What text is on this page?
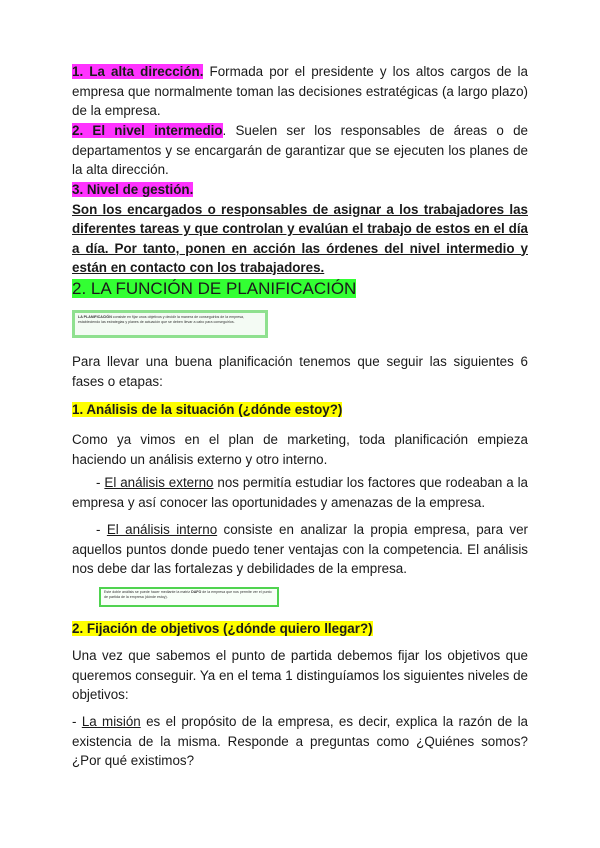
1. La alta dirección. Formada por el presidente y los altos cargos de la empresa que normalmente toman las decisiones estratégicas (a largo plazo) de la empresa.

2. El nivel intermedio. Suelen ser los responsables de áreas o de departamentos y se encargarán de garantizar que se ejecuten los planes de la alta dirección.

3. Nivel de gestión.
Son los encargados o responsables de asignar a los trabajadores las diferentes tareas y que controlan y evalúan el trabajo de estos en el día a día. Por tanto, ponen en acción las órdenes del nivel intermedio y están en contacto con los trabajadores.

2. LA FUNCIÓN DE PLANIFICACIÓN
LA PLANIFICACIÓN consiste en fijar unos objetivos y decidir la manera de conseguirlos de la empresa, estableciendo las estrategias y planes de actuación que se deben llevar a cabo para conseguirlos.

Para llevar una buena planificación tenemos que seguir las siguientes 6 fases o etapas:

1. Análisis de la situación (¿dónde estoy?)

Como ya vimos en el plan de marketing, toda planificación empieza haciendo un análisis externo y otro interno.

- El análisis externo nos permitía estudiar los factores que rodeaban a la empresa y así conocer las oportunidades y amenazas de la empresa.

- El análisis interno consiste en analizar la propia empresa, para ver aquellos puntos donde puedo tener ventajas con la competencia. El análisis nos debe dar las fortalezas y debilidades de la empresa.

Este doble análisis se puede hacer mediante la matriz DAFO de la empresa que nos permite ver el punto de partida de la empresa (dónde estoy).
2. Fijación de objetivos (¿dónde quiero llegar?)

Una vez que sabemos el punto de partida debemos fijar los objetivos que queremos conseguir. Ya en el tema 1 distinguíamos los siguientes niveles de objetivos:

- La misión es el propósito de la empresa, es decir, explica la razón de la existencia de la misma. Responde a preguntas como ¿Quiénes somos? ¿Por qué existimos?
